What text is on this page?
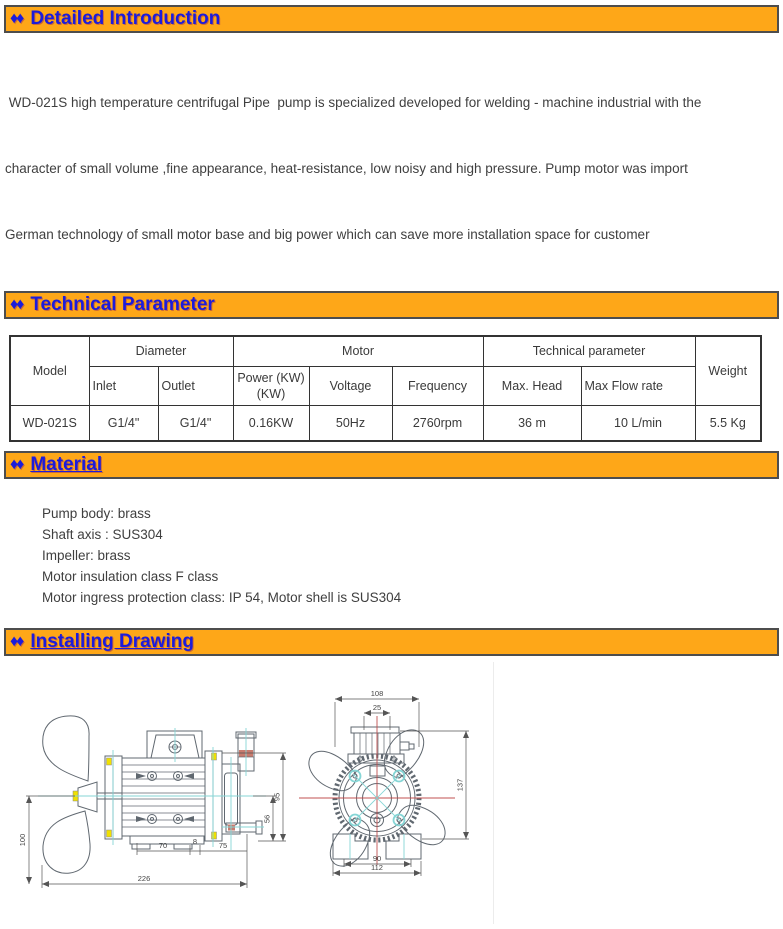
♦♦ Detailed Introduction

WD-021S high temperature centrifugal Pipe  pump is specialized developed for welding - machine industrial with the

character of small volume ,fine appearance, heat-resistance, low noisy and high pressure. Pump motor was import

German technology of small motor base and big power which can save more installation space for customer

♦♦ Technical Parameter
Model	Diameter		Motor			Technical parameter		Weight
	Inlet	Outlet	Power (KW)
(KW)	Voltage	Frequency	Max. Head	Max Flow rate	
WD-021S	G1/4"	G1/4"	0.16KW	50Hz	2760rpm	36 m	10 L/min	5.5 Kg
♦♦ Material
Pump body: brass
Shaft axis : SUS304
Impeller: brass
Motor insulation class F class
Motor ingress protection class: IP 54, Motor shell is SUS304
♦♦ Installing Drawing
100
226
70	8	75
56
95
108
25
137
90
112
